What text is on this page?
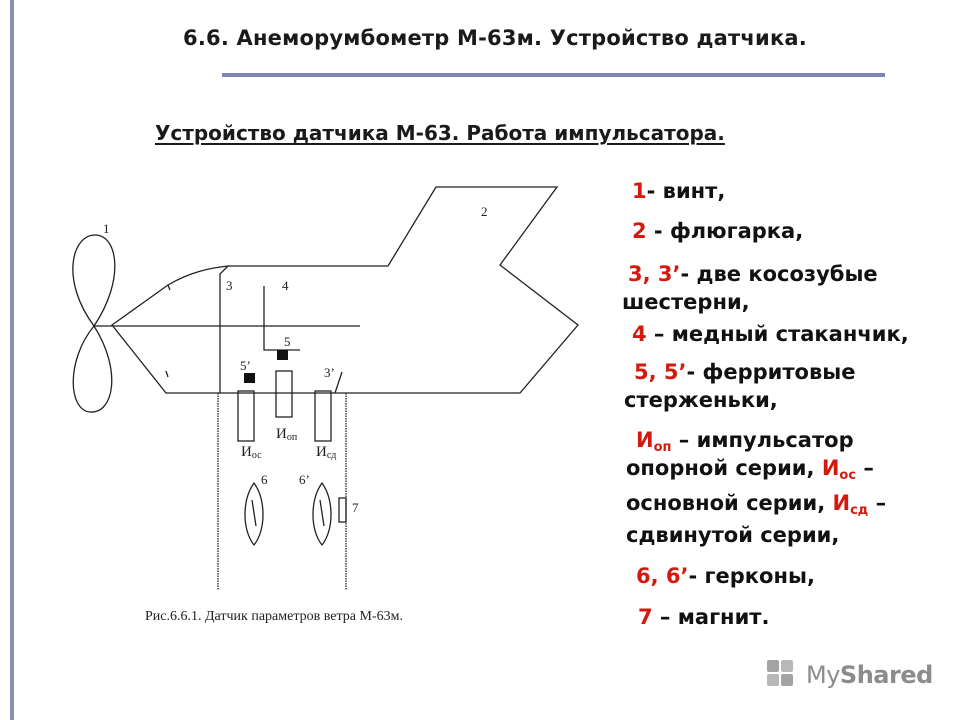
6.6. Анеморумбометр М-63м. Устройство датчика.
Устройство датчика М-63. Работа импульсатора.
1
2
3	4
5
5’	3’
Иоп
Иос	Исд
6 6’
7
Рис.6.6.1. Датчик параметров ветра М-63м.
1- винт,
2 - флюгарка,
3, 3’- две косозубые
шестерни,
4 – медный стаканчик,
5, 5’- ферритовые
стерженьки,
$И_{оп}$ – импульсатор
опорной серии, $И_{ос}$ –
основной серии, $И_{сд}$ –
сдвинутой серии,
6, 6’- герконы,
7 – магнит.
MyShared
